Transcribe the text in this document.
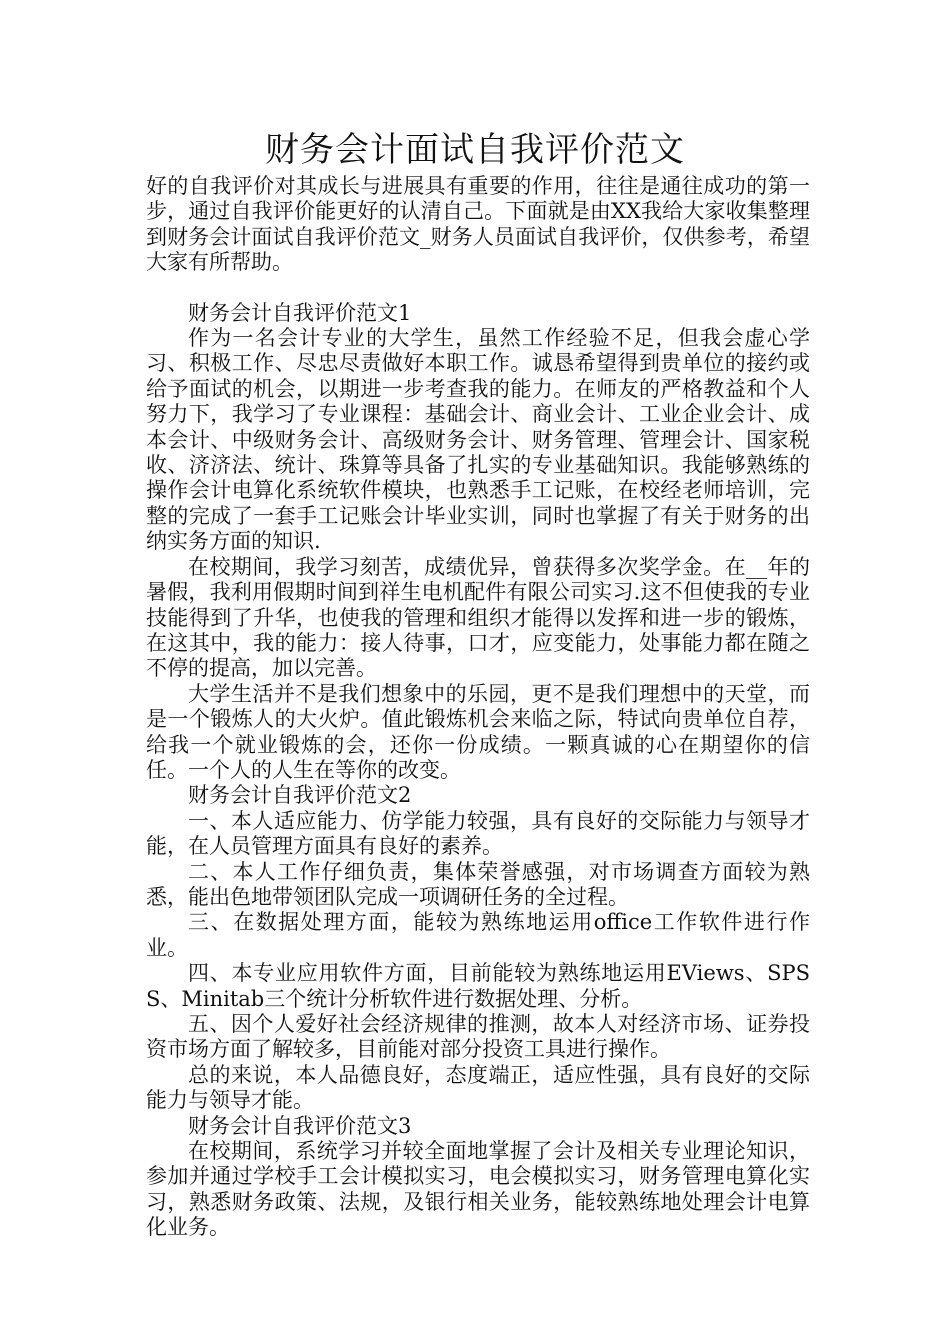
财务会计面试自我评价范文

好的自我评价对其成长与进展具有重要的作用，往往是通往成功的第一步，通过自我评价能更好的认清自己。下面就是由XX我给大家收集整理到财务会计面试自我评价范文_财务人员面试自我评价，仅供参考，希望大家有所帮助。

财务会计自我评价范文1

作为一名会计专业的大学生，虽然工作经验不足，但我会虚心学习、积极工作、尽忠尽责做好本职工作。诚恳希望得到贵单位的接约或给予面试的机会，以期进一步考查我的能力。在师友的严格教益和个人努力下，我学习了专业课程：基础会计、商业会计、工业企业会计、成本会计、中级财务会计、高级财务会计、财务管理、管理会计、国家税收、济济法、统计、珠算等具备了扎实的专业基础知识。我能够熟练的操作会计电算化系统软件模块，也熟悉手工记账，在校经老师培训，完整的完成了一套手工记账会计毕业实训，同时也掌握了有关于财务的出纳实务方面的知识.

在校期间，我学习刻苦，成绩优异，曾获得多次奖学金。在__年的暑假，我利用假期时间到祥生电机配件有限公司实习.这不但使我的专业技能得到了升华，也使我的管理和组织才能得以发挥和进一步的锻炼，在这其中，我的能力：接人待事，口才，应变能力，处事能力都在随之不停的提高，加以完善。

大学生活并不是我们想象中的乐园，更不是我们理想中的天堂，而是一个锻炼人的大火炉。值此锻炼机会来临之际，特试向贵单位自荐，给我一个就业锻炼的会，还你一份成绩。一颗真诚的心在期望你的信任。一个人的人生在等你的改变。

财务会计自我评价范文2

一、本人适应能力、仿学能力较强，具有良好的交际能力与领导才能，在人员管理方面具有良好的素养。

二、本人工作仔细负责，集体荣誉感强，对市场调查方面较为熟悉，能出色地带领团队完成一项调研任务的全过程。

三、在数据处理方面，能较为熟练地运用office工作软件进行作业。

四、本专业应用软件方面，目前能较为熟练地运用EViews、SPSS、Minitab三个统计分析软件进行数据处理、分析。

五、因个人爱好社会经济规律的推测，故本人对经济市场、证券投资市场方面了解较多，目前能对部分投资工具进行操作。

总的来说，本人品德良好，态度端正，适应性强，具有良好的交际能力与领导才能。

财务会计自我评价范文3

在校期间，系统学习并较全面地掌握了会计及相关专业理论知识，参加并通过学校手工会计模拟实习，电会模拟实习，财务管理电算化实习，熟悉财务政策、法规，及银行相关业务，能较熟练地处理会计电算化业务。
